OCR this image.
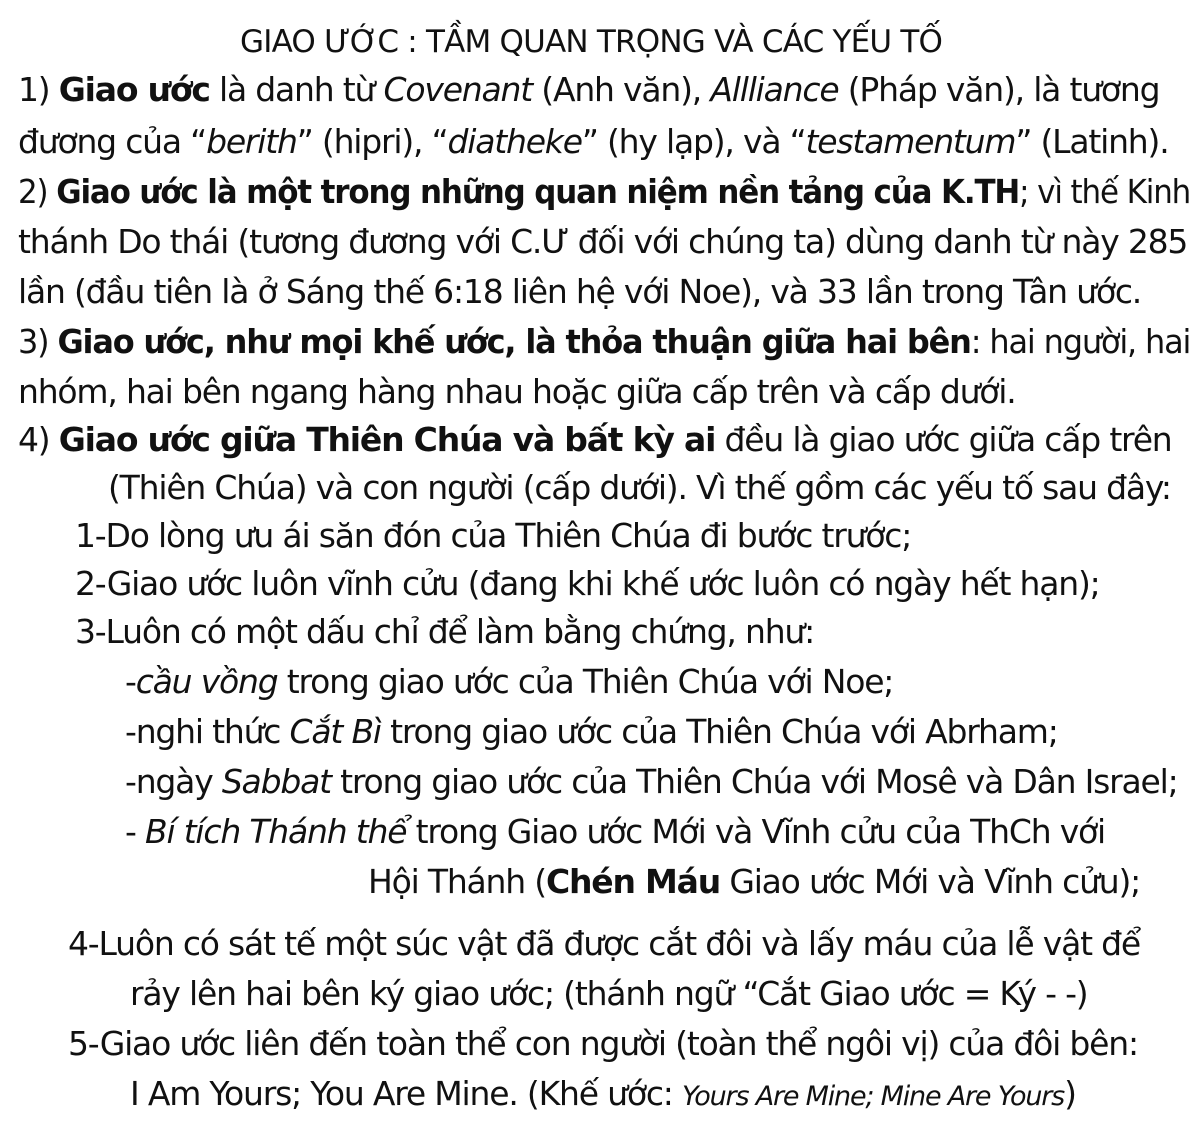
GIAO ƯỚC : TẦM QUAN TRỌNG VÀ CÁC YẾU TỐ
1) Giao ước là danh từ Covenant (Anh văn), Allliance (Pháp văn), là tương
đương của “berith” (hipri), “diatheke” (hy lạp), và “testamentum” (Latinh).
2) Giao ước là một trong những quan niệm nền tảng của K.TH; vì thế Kinh
thánh Do thái (tương đương với C.Ư đối với chúng ta) dùng danh từ này 285
lần (đầu tiên là ở Sáng thế 6:18 liên hệ với Noe), và 33 lần trong Tân ước.
3) Giao ước, như mọi khế ước, là thỏa thuận giữa hai bên: hai người, hai
nhóm, hai bên ngang hàng nhau hoặc giữa cấp trên và cấp dưới.
4) Giao ước giữa Thiên Chúa và bất kỳ ai đều là giao ước giữa cấp trên
(Thiên Chúa) và con người (cấp dưới). Vì thế gồm các yếu tố sau đây:
1-Do lòng ưu ái săn đón của Thiên Chúa đi bước trước;
2-Giao ước luôn vĩnh cửu (đang khi khế ước luôn có ngày hết hạn);
3-Luôn có một dấu chỉ để làm bằng chứng, như:
-cầu vồng trong giao ước của Thiên Chúa với Noe;
-nghi thức Cắt Bì trong giao ước của Thiên Chúa với Abrham;
-ngày Sabbat trong giao ước của Thiên Chúa với Mosê và Dân Israel;
- Bí tích Thánh thể trong Giao ước Mới và Vĩnh cửu của ThCh với
Hội Thánh (Chén Máu Giao ước Mới và Vĩnh cửu);
4-Luôn có sát tế một súc vật đã được cắt đôi và lấy máu của lễ vật để
rảy lên hai bên ký giao ước; (thánh ngữ “Cắt Giao ước = Ký - -)
5-Giao ước liên đến toàn thể con người (toàn thể ngôi vị) của đôi bên:
I Am Yours; You Are Mine. (Khế ước: Yours Are Mine; Mine Are Yours)
